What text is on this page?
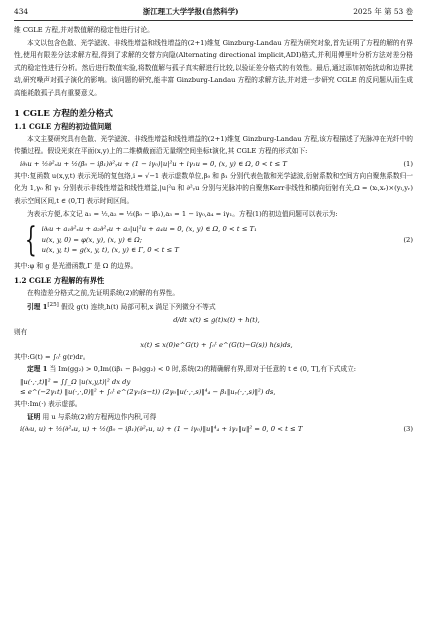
434	浙江理工大学学报(自然科学)	2025 年 第 53 卷

维 CGLE 方程,并对数值解的稳定性进行讨论。

本文以包含色散、光学滤波、非线性增益和线性增益的(2+1)维复 Ginzburg-Landau 方程为研究对象,首先证明了方程的解的有界性,使用有限差分法求解方程,得到了求解的交替方向隐(Alternating directional implicit,ADI)格式,并利用傅里叶分析方法对差分格式的稳定性进行分析。然后进行数值实验,将数值解与孤子真实解进行比较,以验证差分格式的有效性。最后,通过添加初始扰动和边界扰动,研究噪声对孤子演化的影响。该问题的研究,能丰富 Ginzburg-Landau 方程的求解方法,并对进一步研究 CGLE 的反问题从而生成高能耗散孤子具有重要意义。

1 CGLE 方程的差分格式
1.1 CGLE 方程的初边值问题

本文主要研究具有色散、光学滤波、非线性增益和线性增益的(2+1)维复 Ginzburg-Landau 方程,该方程描述了光脉冲在光纤中的传播过程。假设光束在平面(x,y)上的二维横截面沿无量纲空间坐标t演化,其 CGLE 方程的形式如下:

i∂ₜu + ½∂²ₓu + ½(β₀ − iβ₁)∂²ᵧu + (1 − iγ₀)|u|²u + iγ₁u = 0, (x, y) ∈ Ω, 0 < t ≤ T	(1)

其中:复函数 u(x,y,t) 表示光场的复包络,i = √−1 表示虚数单位,β₀ 和 β₁ 分别代表色散和光学滤波,衍射系数和空间方向自聚焦系数归一化为 1,γ₀ 和 γ₁ 分别表示非线性增益和线性增益,|u|²u 和 ∂²ᵧu 分别与光脉冲的自聚焦Kerr非线性和横向衍射有关,Ω = (xₗ,xᵣ)×(yₗ,yᵣ) 表示空间区间,t ∈ (0,T] 表示时间区间。

为表示方便,本文记 a₁ = ½,a₂ = ½(β₀ − iβ₁),a₃ = 1 − iγ₀,a₄ = iγ₁。方程(1)的初边值问题可以表示为:

{ i∂ₜu + a₁∂²ₓu + a₂∂²ᵧu + a₃|u|²u + a₄u = 0, (x, y) ∈ Ω, 0 < t ≤ T₁
u(x, y, 0) = φ(x, y), (x, y) ∈ Ω;
u(x, y, t) = g(x, y, t), (x, y) ∈ Γ, 0 < t ≤ T
(2)

其中:φ 和 g 是光滑函数,Γ 是 Ω 的边界。

1.2 CGLE 方程解的有界性

在构造差分格式之前,先证明系统(2)的解的有界性。

引理 1[25] 假设 g(t) 连续,h(t) 局部可积,x 满足下列微分不等式

d/dt x(t) ≤ g(t)x(t) + h(t),

则有

x(t) ≤ x(0)e^G(t) + ∫₀ᵗ e^(G(t)−G(s)) h(s)ds,

其中:G(t) = ∫₀ᵗ g(r)dr。

定理 1 当 Im(gg₂) > 0,Im((iβ₁ − β₀)gg₂) < 0 时,系统(2)的精确解有界,即对于任意的 t ∈ (0, T],有下式成立:

‖u(·,·,t)‖² = ∫∫_Ω |u(x,y,t)|² dx dy
≤ e^(−2γ₁t) ‖u(·,·,0)‖² + ∫₀ᵗ e^(2γ₁(s−t)) (2γ₀‖u(·,·,s)‖⁴₄ − β₁‖uᵧ(·,·,s)‖²) ds,

其中:Im(·) 表示虚部。

证明 用 u 与系统(2)的方程两边作内积,可得

i(∂ₜu, u) + ½(∂²ₓu, u) + ½(β₀ − iβ₁)(∂²ᵧu, u) + (1 − iγ₀)‖u‖⁴₄ + iγ₁‖u‖² = 0, 0 < t ≤ T	(3)
